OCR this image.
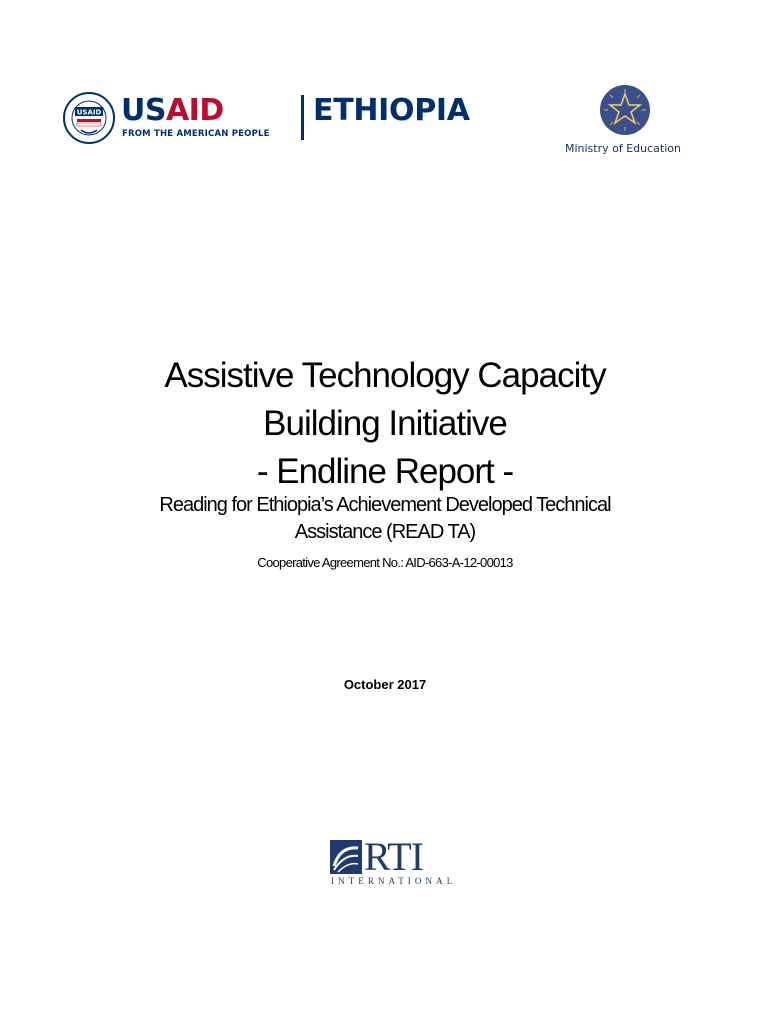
USAID USAID
FROM THE AMERICAN PEOPLE
ETHIOPIA
Ministry of Education
Assistive Technology Capacity
Building Initiative
- Endline Report -
Reading for Ethiopia’s Achievement Developed Technical
Assistance (READ TA)
Cooperative Agreement No.: AID-663-A-12-00013
October 2017
RTI
INTERNATIONAL
